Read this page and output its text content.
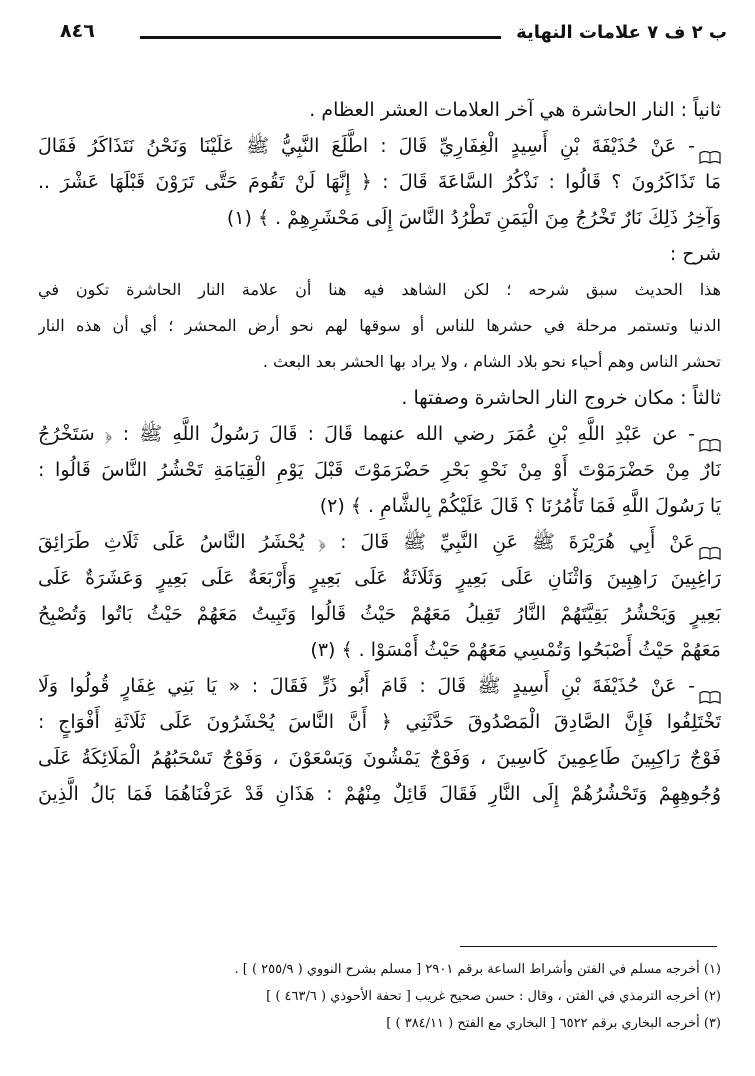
ب ٢ ف ٧ علامات النهاية
٨٤٦
ثانياً : النار الحاشرة هي آخر العلامات العشر العظام .
- عَنْ حُذَيْفَةَ بْنِ أَسِيدٍ الْغِفَارِيِّ قَالَ : اطَّلَعَ النَّبِيُّ ﷺ عَلَيْنَا وَنَحْنُ نَتَذَاكَرُ فَقَالَ
مَا تَذَاكَرُونَ ؟ قَالُوا : نَذْكُرُ السَّاعَةَ قَالَ : ﴿ إِنَّهَا لَنْ تَقُومَ حَتَّى تَرَوْنَ قَبْلَهَا عَشْرَ ..
وَآخِرُ ذَلِكَ نَارٌ تَخْرُجُ مِنَ الْيَمَنِ تَطْرُدُ النَّاسَ إِلَى مَحْشَرِهِمْ . ﴾ (١)
شرح :
هذا الحديث سبق شرحه ؛ لكن الشاهد فيه هنا أن علامة النار الحاشرة تكون في
الدنيا وتستمر مرحلة في حشرها للناس أو سوقها لهم نحو أرض المحشر ؛ أي أن هذه النار
تحشر الناس وهم أحياء نحو بلاد الشام ، ولا يراد بها الحشر بعد البعث .
ثالثاً : مكان خروج النار الحاشرة وصفتها .
- عن عَبْدِ اللَّهِ بْنِ عُمَرَ رضي الله عنهما قَالَ : قَالَ رَسُولُ اللَّهِ ﷺ : ﴿ سَتَخْرُجُ
نَارٌ مِنْ حَضْرَمَوْتَ أَوْ مِنْ نَحْوِ بَحْرِ حَضْرَمَوْتَ قَبْلَ يَوْمِ الْقِيَامَةِ تَحْشُرُ النَّاسَ قَالُوا :
يَا رَسُولَ اللَّهِ فَمَا تَأْمُرُنَا ؟ قَالَ عَلَيْكُمْ بِالشَّامِ . ﴾ (٢)
عَنْ أَبِي هُرَيْرَةَ ﷺ عَنِ النَّبِيِّ ﷺ قَالَ : ﴿ يُحْشَرُ النَّاسُ عَلَى ثَلَاثِ طَرَائِقَ
رَاغِبِينَ رَاهِبِينَ وَاثْنَانِ عَلَى بَعِيرٍ وَثَلَاثَةٌ عَلَى بَعِيرٍ وَأَرْبَعَةٌ عَلَى بَعِيرٍ وَعَشَرَةٌ عَلَى
بَعِيرٍ وَيَحْشُرُ بَقِيَّتَهُمْ النَّارُ تَقِيلُ مَعَهُمْ حَيْثُ قَالُوا وَتَبِيتُ مَعَهُمْ حَيْثُ بَاتُوا وَتُصْبِحُ
مَعَهُمْ حَيْثُ أَصْبَحُوا وَتُمْسِي مَعَهُمْ حَيْثُ أَمْسَوْا . ﴾ (٣)
- عَنْ حُذَيْفَةَ بْنِ أَسِيدٍ ﷺ قَالَ : قَامَ أَبُو ذَرٍّ فَقَالَ : « يَا بَنِي غِفَارٍ قُولُوا وَلَا
تَخْتَلِفُوا فَإِنَّ الصَّادِقَ الْمَصْدُوقَ حَدَّثَنِي ﴿ أَنَّ النَّاسَ يُحْشَرُونَ عَلَى ثَلَاثَةِ أَفْوَاجٍ :
فَوْجٌ رَاكِبِينَ طَاعِمِينَ كَاسِينَ ، وَفَوْجٌ يَمْشُونَ وَيَسْعَوْنَ ، وَفَوْجٌ تَسْحَبُهُمُ الْمَلَائِكَةُ عَلَى
وُجُوهِهِمْ وَتَحْشُرُهُمْ إِلَى النَّارِ فَقَالَ قَائِلٌ مِنْهُمْ : هَذَانِ قَدْ عَرَفْنَاهُمَا فَمَا بَالُ الَّذِينَ
(١) أخرجه مسلم في الفتن وأشراط الساعة برقم ٢٩٠١ [ مسلم بشرح النووي ( ٢٥٥/٩ ) ] .
(٢) أخرجه الترمذي في الفتن ، وقال : حسن صحيح غريب [ تحفة الأحوذي ( ٤٦٣/٦ ) ]
(٣) أخرجه البخاري برقم ٦٥٢٢ [ البخاري مع الفتح ( ٣٨٤/١١ ) ]
